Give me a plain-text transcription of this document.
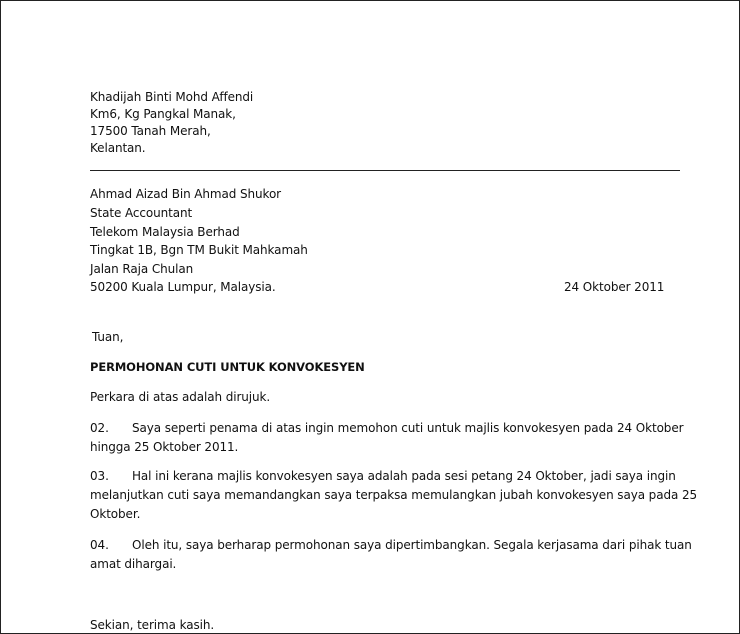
Khadijah Binti Mohd Affendi
Km6, Kg Pangkal Manak,
17500 Tanah Merah,
Kelantan.
Ahmad Aizad Bin Ahmad Shukor
State Accountant
Telekom Malaysia Berhad
Tingkat 1B, Bgn TM Bukit Mahkamah
Jalan Raja Chulan
50200 Kuala Lumpur, Malaysia.	24 Oktober 2011
Tuan,
PERMOHONAN CUTI UNTUK KONVOKESYEN
Perkara di atas adalah dirujuk.
02. Saya seperti penama di atas ingin memohon cuti untuk majlis konvokesyen pada 24 Oktober
hingga 25 Oktober 2011.
03. Hal ini kerana majlis konvokesyen saya adalah pada sesi petang 24 Oktober, jadi saya ingin
melanjutkan cuti saya memandangkan saya terpaksa memulangkan jubah konvokesyen saya pada 25
Oktober.
04. Oleh itu, saya berharap permohonan saya dipertimbangkan. Segala kerjasama dari pihak tuan
amat dihargai.
Sekian, terima kasih.
